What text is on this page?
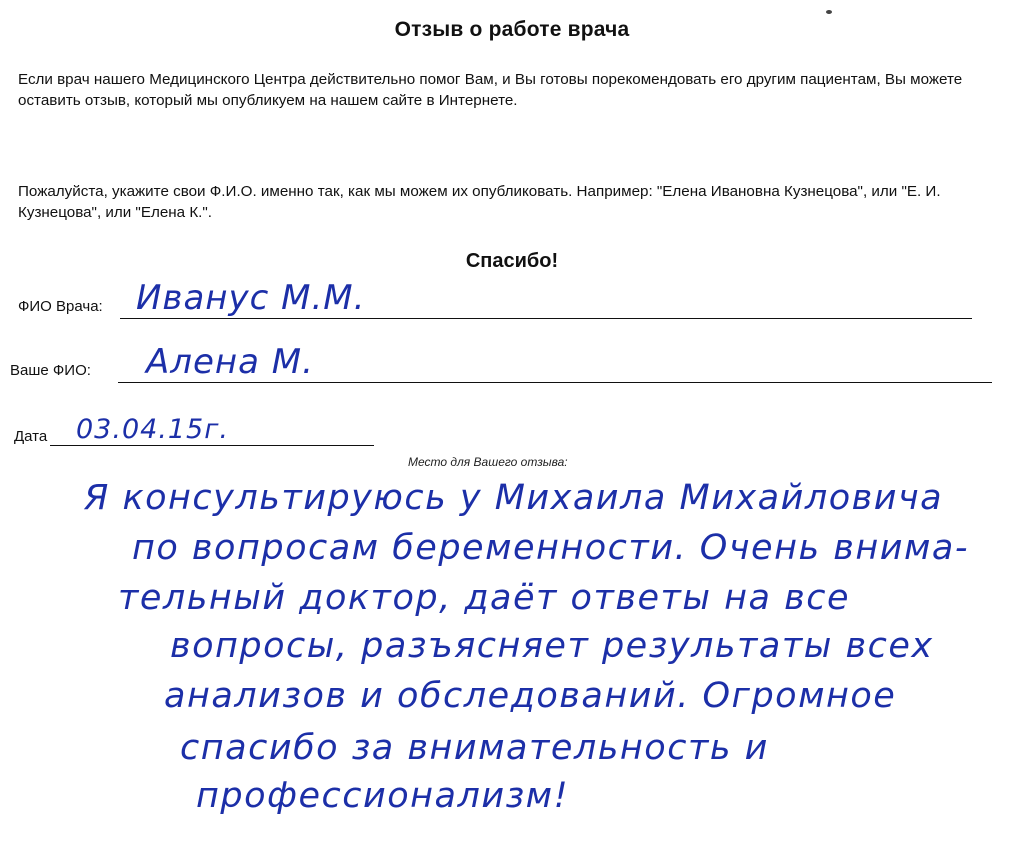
Отзыв о работе врача
Если врач нашего Медицинского Центра действительно помог Вам, и Вы готовы порекомендовать его другим пациентам, Вы можете оставить отзыв, который мы опубликуем на нашем сайте в Интернете.
Пожалуйста, укажите свои Ф.И.О. именно так, как мы можем их опубликовать. Например: "Елена Ивановна Кузнецова", или "Е. И. Кузнецова", или "Елена К.".
Спасибо!
ФИО Врача: Иванус М.М.
Ваше ФИО: Алена М.
Дата 03.04.15г.
Место для Вашего отзыва:
Я консультируюсь у Михаила Михайловича
по вопросам беременности. Очень внима-
тельный доктор, даёт ответы на все
вопросы, разъясняет результаты всех
анализов и обследований. Огромное
спасибо за внимательность и
профессионализм!
